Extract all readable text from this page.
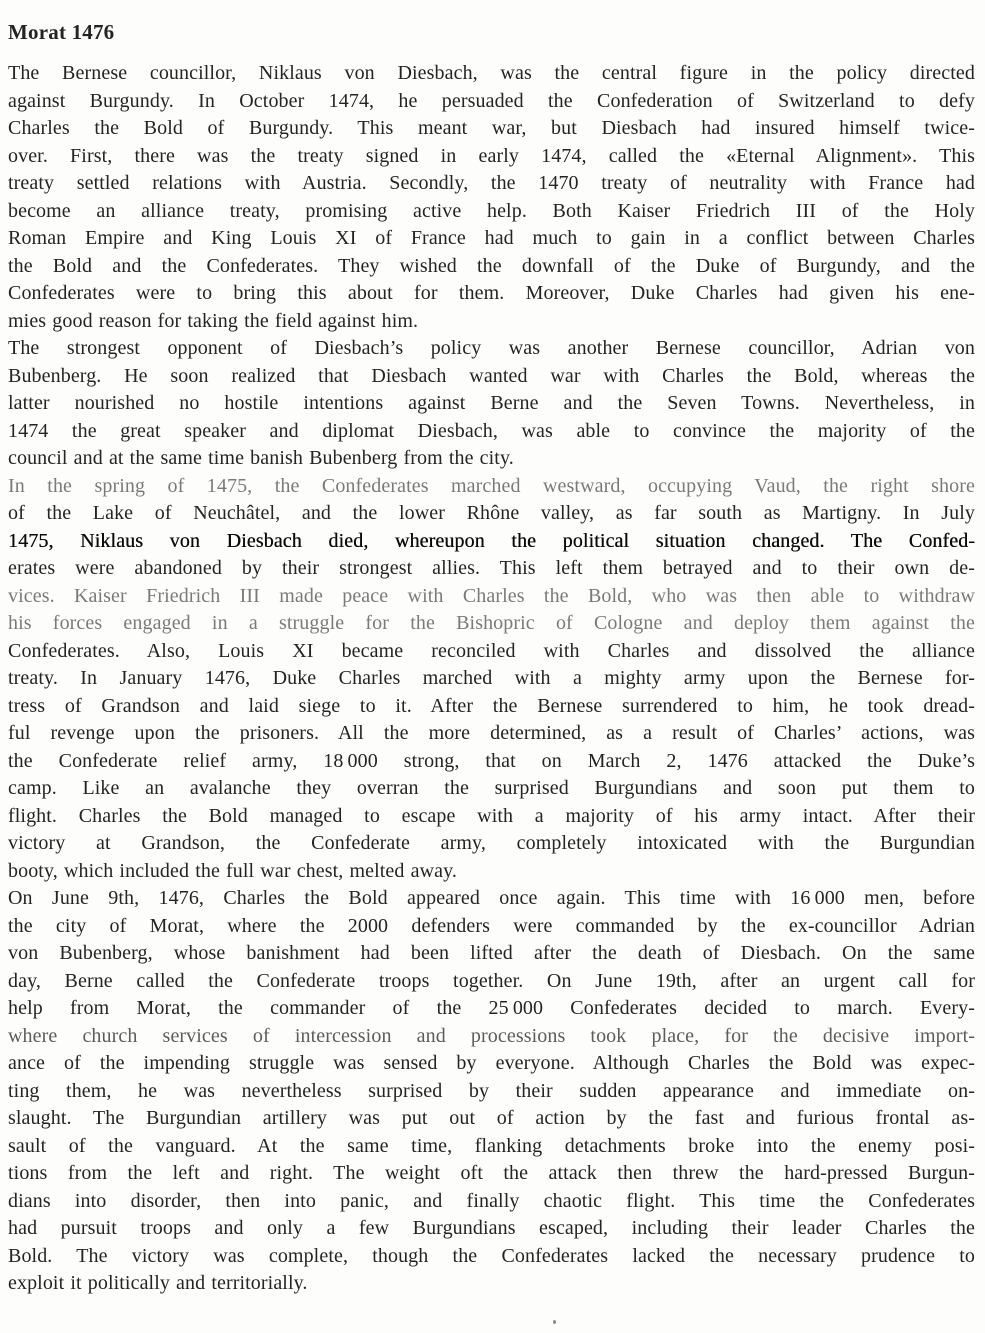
Morat 1476
The Bernese councillor, Niklaus von Diesbach, was the central figure in the policy directed
against Burgundy. In October 1474, he persuaded the Confederation of Switzerland to defy
Charles the Bold of Burgundy. This meant war, but Diesbach had insured himself twice-
over. First, there was the treaty signed in early 1474, called the «Eternal Alignment». This
treaty settled relations with Austria. Secondly, the 1470 treaty of neutrality with France had
become an alliance treaty, promising active help. Both Kaiser Friedrich III of the Holy
Roman Empire and King Louis XI of France had much to gain in a conflict between Charles
the Bold and the Confederates. They wished the downfall of the Duke of Burgundy, and the
Confederates were to bring this about for them. Moreover, Duke Charles had given his ene-
mies good reason for taking the field against him.
The strongest opponent of Diesbach’s policy was another Bernese councillor, Adrian von
Bubenberg. He soon realized that Diesbach wanted war with Charles the Bold, whereas the
latter nourished no hostile intentions against Berne and the Seven Towns. Nevertheless, in
1474 the great speaker and diplomat Diesbach, was able to convince the majority of the
council and at the same time banish Bubenberg from the city.
In the spring of 1475, the Confederates marched westward, occupying Vaud, the right shore
of the Lake of Neuchâtel, and the lower Rhône valley, as far south as Martigny. In July
1475, Niklaus von Diesbach died, whereupon the political situation changed. The Confed-
erates were abandoned by their strongest allies. This left them betrayed and to their own de-
vices. Kaiser Friedrich III made peace with Charles the Bold, who was then able to withdraw
his forces engaged in a struggle for the Bishopric of Cologne and deploy them against the
Confederates. Also, Louis XI became reconciled with Charles and dissolved the alliance
treaty. In January 1476, Duke Charles marched with a mighty army upon the Bernese for-
tress of Grandson and laid siege to it. After the Bernese surrendered to him, he took dread-
ful revenge upon the prisoners. All the more determined, as a result of Charles’ actions, was
the Confederate relief army, 18 000 strong, that on March 2, 1476 attacked the Duke’s
camp. Like an avalanche they overran the surprised Burgundians and soon put them to
flight. Charles the Bold managed to escape with a majority of his army intact. After their
victory at Grandson, the Confederate army, completely intoxicated with the Burgundian
booty, which included the full war chest, melted away.
On June 9th, 1476, Charles the Bold appeared once again. This time with 16 000 men, before
the city of Morat, where the 2000 defenders were commanded by the ex-councillor Adrian
von Bubenberg, whose banishment had been lifted after the death of Diesbach. On the same
day, Berne called the Confederate troops together. On June 19th, after an urgent call for
help from Morat, the commander of the 25 000 Confederates decided to march. Every-
where church services of intercession and processions took place, for the decisive import-
ance of the impending struggle was sensed by everyone. Although Charles the Bold was expec-
ting them, he was nevertheless surprised by their sudden appearance and immediate on-
slaught. The Burgundian artillery was put out of action by the fast and furious frontal as-
sault of the vanguard. At the same time, flanking detachments broke into the enemy posi-
tions from the left and right. The weight oft the attack then threw the hard-pressed Burgun-
dians into disorder, then into panic, and finally chaotic flight. This time the Confederates
had pursuit troops and only a few Burgundians escaped, including their leader Charles the
Bold. The victory was complete, though the Confederates lacked the necessary prudence to
exploit it politically and territorially.
